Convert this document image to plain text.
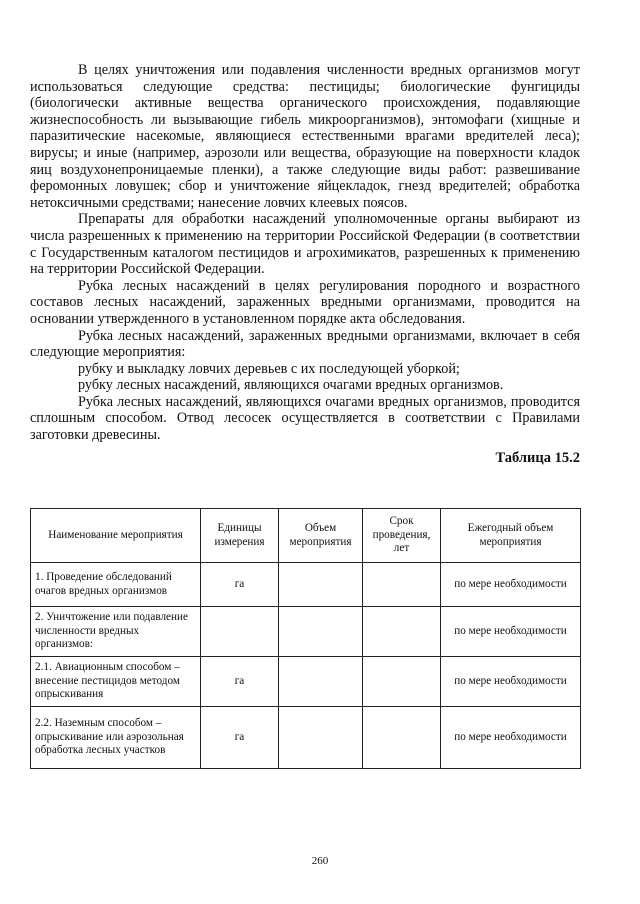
В целях уничтожения или подавления численности вредных организмов могут использоваться следующие средства: пестициды; биологические фунгициды (биологически активные вещества органического происхождения, подавляющие жизнеспособность ли вызывающие гибель микроорганизмов), энтомофаги (хищные и паразитические насекомые, являющиеся естественными врагами вредителей леса); вирусы; и иные (например, аэрозоли или вещества, образующие на поверхности кладок яиц воздухонепроницаемые пленки), а также следующие виды работ: развешивание феромонных ловушек; сбор и уничтожение яйцекладок, гнезд вредителей; обработка нетоксичными средствами; нанесение ловчих клеевых поясов.

Препараты для обработки насаждений уполномоченные органы выбирают из числа разрешенных к применению на территории Российской Федерации (в соответствии с Государственным каталогом пестицидов и агрохимикатов, разрешенных к применению на территории Российской Федерации.

Рубка лесных насаждений в целях регулирования породного и возрастного составов лесных насаждений, зараженных вредными организмами, проводится на основании утвержденного в установленном порядке акта обследования.

Рубка лесных насаждений, зараженных вредными организмами, включает в себя следующие мероприятия:

рубку и выкладку ловчих деревьев с их последующей уборкой;

рубку лесных насаждений, являющихся очагами вредных организмов.

Рубка лесных насаждений, являющихся очагами вредных организмов, проводится сплошным способом. Отвод лесосек осуществляется в соответствии с Правилами заготовки древесины.

Таблица 15.2
Наименование мероприятия	Единицы измерения	Объем мероприятия	Срок проведения, лет	Ежегодный объем мероприятия
1. Проведение обследований очагов вредных организмов	га			по мере необходимости
2. Уничтожение или подавление численности вредных организмов:				по мере необходимости
2.1. Авиационным способом – внесение пестицидов методом опрыскивания	га			по мере необходимости
2.2. Наземным способом – опрыскивание или аэрозольная обработка лесных участков	га			по мере необходимости
260
